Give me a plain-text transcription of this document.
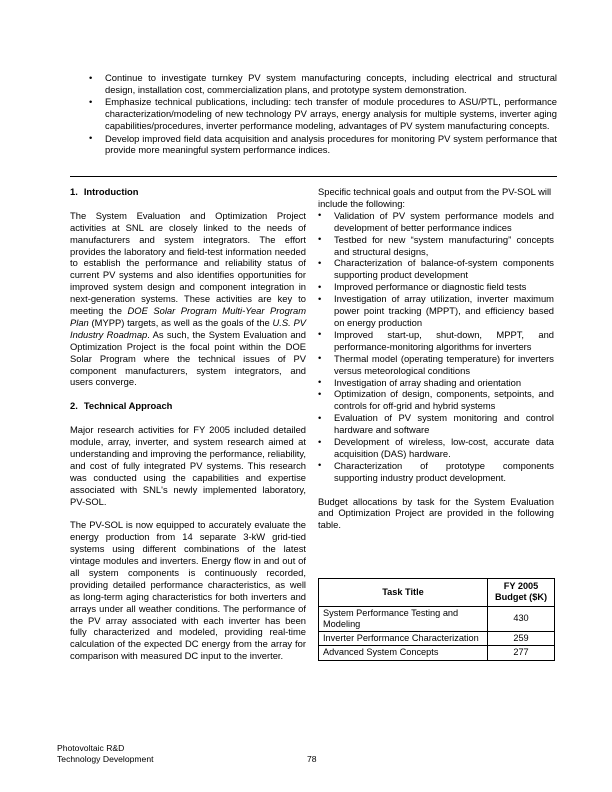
• Continue to investigate turnkey PV system manufacturing concepts, including electrical and structural design, installation cost, commercialization plans, and prototype system demonstration.
• Emphasize technical publications, including: tech transfer of module procedures to ASU/PTL, performance characterization/modeling of new technology PV arrays, energy analysis for multiple systems, inverter aging capabilities/procedures, inverter performance modeling, advantages of PV system manufacturing concepts.
• Develop improved field data acquisition and analysis procedures for monitoring PV system performance that provide more meaningful system performance indices.
1. Introduction

The System Evaluation and Optimization Project activities at SNL are closely linked to the needs of manufacturers and system integrators. The effort provides the laboratory and field-test information needed to establish the performance and reliability status of current PV systems and also identifies opportunities for improved system design and component integration in next-generation systems. These activities are key to meeting the DOE Solar Program Multi-Year Program Plan (MYPP) targets, as well as the goals of the U.S. PV Industry Roadmap. As such, the System Evaluation and Optimization Project is the focal point within the DOE Solar Program where the technical issues of PV component manufacturers, system integrators, and users converge.

2. Technical Approach

Major research activities for FY 2005 included detailed module, array, inverter, and system research aimed at understanding and improving the performance, reliability, and cost of fully integrated PV systems. This research was conducted using the capabilities and expertise associated with SNL's newly implemented laboratory, PV-SOL.

The PV-SOL is now equipped to accurately evaluate the energy production from 14 separate 3-kW grid-tied systems using different combinations of the latest vintage modules and inverters. Energy flow in and out of all system components is continuously recorded, providing detailed performance characteristics, as well as long-term aging characteristics for both inverters and arrays under all weather conditions. The performance of the PV array associated with each inverter has been fully characterized and modeled, providing real-time calculation of the expected DC energy from the array for comparison with measured DC input to the inverter.

Specific technical goals and output from the PV-SOL will include the following:

• Validation of PV system performance models and development of better performance indices
• Testbed for new “system manufacturing” concepts and structural designs,
• Characterization of balance-of-system components supporting product development
• Improved performance or diagnostic field tests
• Investigation of array utilization, inverter maximum power point tracking (MPPT), and efficiency based on energy production
• Improved start-up, shut-down, MPPT, and performance-monitoring algorithms for inverters
• Thermal model (operating temperature) for inverters versus meteorological conditions
• Investigation of array shading and orientation
• Optimization of design, components, setpoints, and controls for off-grid and hybrid systems
• Evaluation of PV system monitoring and control hardware and software
• Development of wireless, low-cost, accurate data acquisition (DAS) hardware.
• Characterization of prototype components supporting industry product development.

Budget allocations by task for the System Evaluation and Optimization Project are provided in the following table.

Task Title	FY 2005
Budget ($K)
System Performance Testing and Modeling	430
Inverter Performance Characterization	259
Advanced System Concepts	277
Photovoltaic R&D
Technology Development	78
